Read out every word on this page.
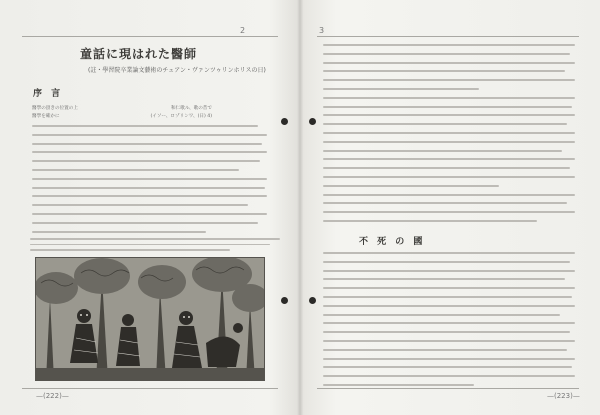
2
童話に現はれた醫師
(註・學習院卒業論文藝術のチェアン・ヴァンツゥリンホリスの日)
序 言
醫學の頂きの位置の上	和仁歌ル、歌の昔で
醫學を確かに	(イソー、ロゾリンワ、(日) 4)
—(222)—
3
不 死 の 國
—(223)—
